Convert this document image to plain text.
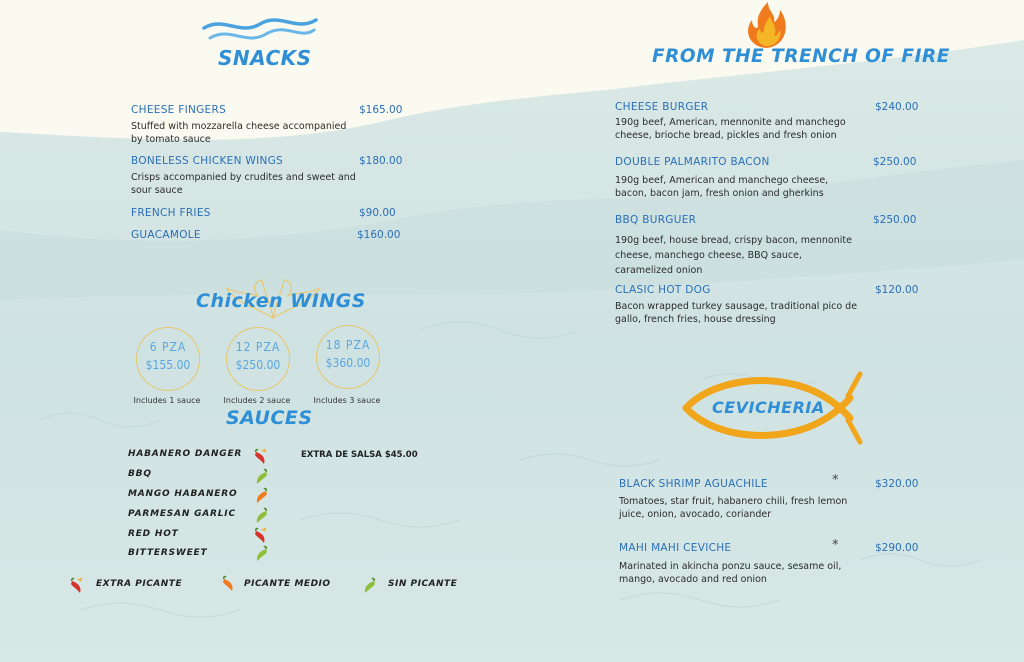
SNACKS
CHEESE FINGERS	$165.00
Stuffed with mozzarella cheese accompanied by tomato sauce
BONELESS CHICKEN WINGS	$180.00
Crisps accompanied by crudites and sweet and sour sauce
FRENCH FRIES	$90.00
GUACAMOLE	$160.00
Chicken WINGS
6 PZA
$155.00
Includes 1 sauce
12 PZA
$250.00
Includes 2 sauce
18 PZA
$360.00
Includes 3 sauce
SAUCES
EXTRA DE SALSA $45.00
HABANERO DANGER
BBQ
MANGO HABANERO
PARMESAN GARLIC
RED HOT
BITTERSWEET
EXTRA PICANTE	PICANTE MEDIO	SIN PICANTE
FROM THE TRENCH OF FIRE
CHEESE BURGER	$240.00
190g beef, American, mennonite and manchego cheese, brioche bread, pickles and fresh onion
DOUBLE PALMARITO BACON	$250.00
190g beef, American and manchego cheese, bacon, bacon jam, fresh onion and gherkins
BBQ BURGUER	$250.00
190g beef, house bread, crispy bacon, mennonite cheese, manchego cheese, BBQ sauce, caramelized onion
CLASIC HOT DOG	$120.00
Bacon wrapped turkey sausage, traditional pico de gallo, french fries, house dressing
CEVICHERIA
BLACK SHRIMP AGUACHILE	*	$320.00
Tomatoes, star fruit, habanero chili, fresh lemon juice, onion, avocado, coriander
MAHI MAHI CEVICHE	*	$290.00
Marinated in akincha ponzu sauce, sesame oil, mango, avocado and red onion
